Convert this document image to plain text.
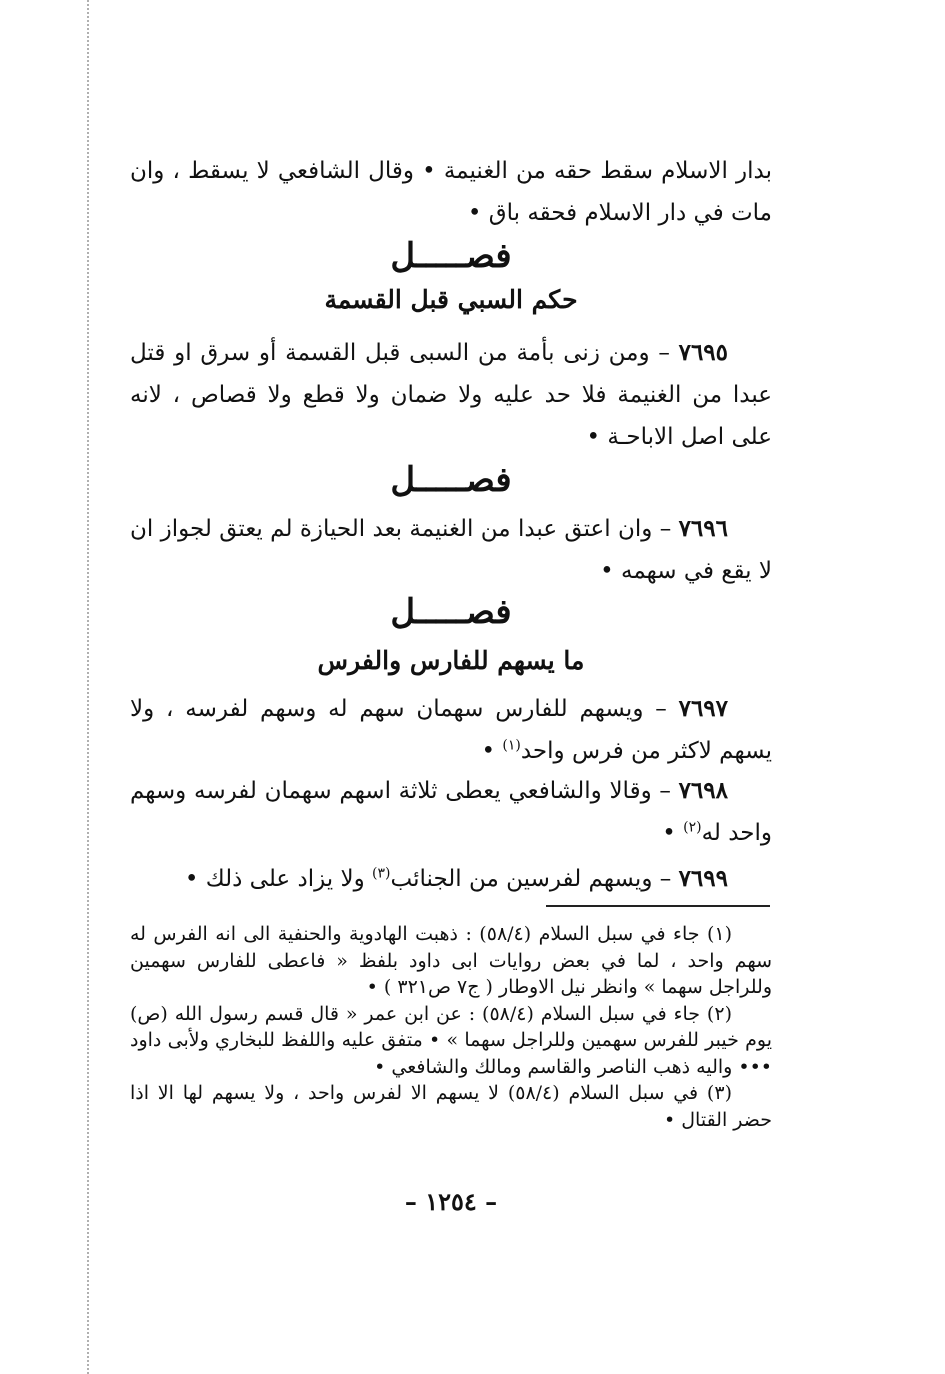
بدار الاسلام سقط حقه من الغنيمة • وقال الشافعي لا يسقط ، وان مات في دار الاسلام فحقه باق •

فصـــــل
حكم السبي قبل القسمة

٧٦٩٥ – ومن زنى بأمة من السبى قبل القسمة أو سرق او قتل عبدا من الغنيمة فلا حد عليه ولا ضمان ولا قطع ولا قصاص ، لانه على اصل الاباحـة •

فصـــــل

٧٦٩٦ – وان اعتق عبدا من الغنيمة بعد الحيازة لم يعتق لجواز ان لا يقع في سهمه •

فصـــــل
ما يسهم للفارس والفرس

٧٦٩٧ – ويسهم للفارس سهمان سهم له وسهم لفرسه ، ولا يسهم لاكثر من فرس واحد$^{(١)}$ •

٧٦٩٨ – وقالا والشافعي يعطى ثلاثة اسهم سهمان لفرسه وسهم واحد له$^{(٢)}$ •

٧٦٩٩ – ويسهم لفرسين من الجنائب$^{(٣)}$ ولا يزاد على ذلك •

(١) جاء في سبل السلام (٥٨/٤) : ذهبت الهادوية والحنفية الى انه الفرس له سهم واحد ، لما في بعض روايات ابى داود بلفظ « فاعطى للفارس سهمين وللراجل سهما » وانظر نيل الاوطار ( ج٧ ص٣٢١ ) •

(٢) جاء في سبل السلام (٥٨/٤) : عن ابن عمر « قال قسم رسول الله (ص) يوم خيبر للفرس سهمين وللراجل سهما » • متفق عليه واللفظ للبخاري ولأبى داود ••• واليه ذهب الناصر والقاسم ومالك والشافعي •

(٣) في سبل السلام (٥٨/٤) لا يسهم الا لفرس واحد ، ولا يسهم لها الا اذا حضر القتال •

– ١٢٥٤ –
